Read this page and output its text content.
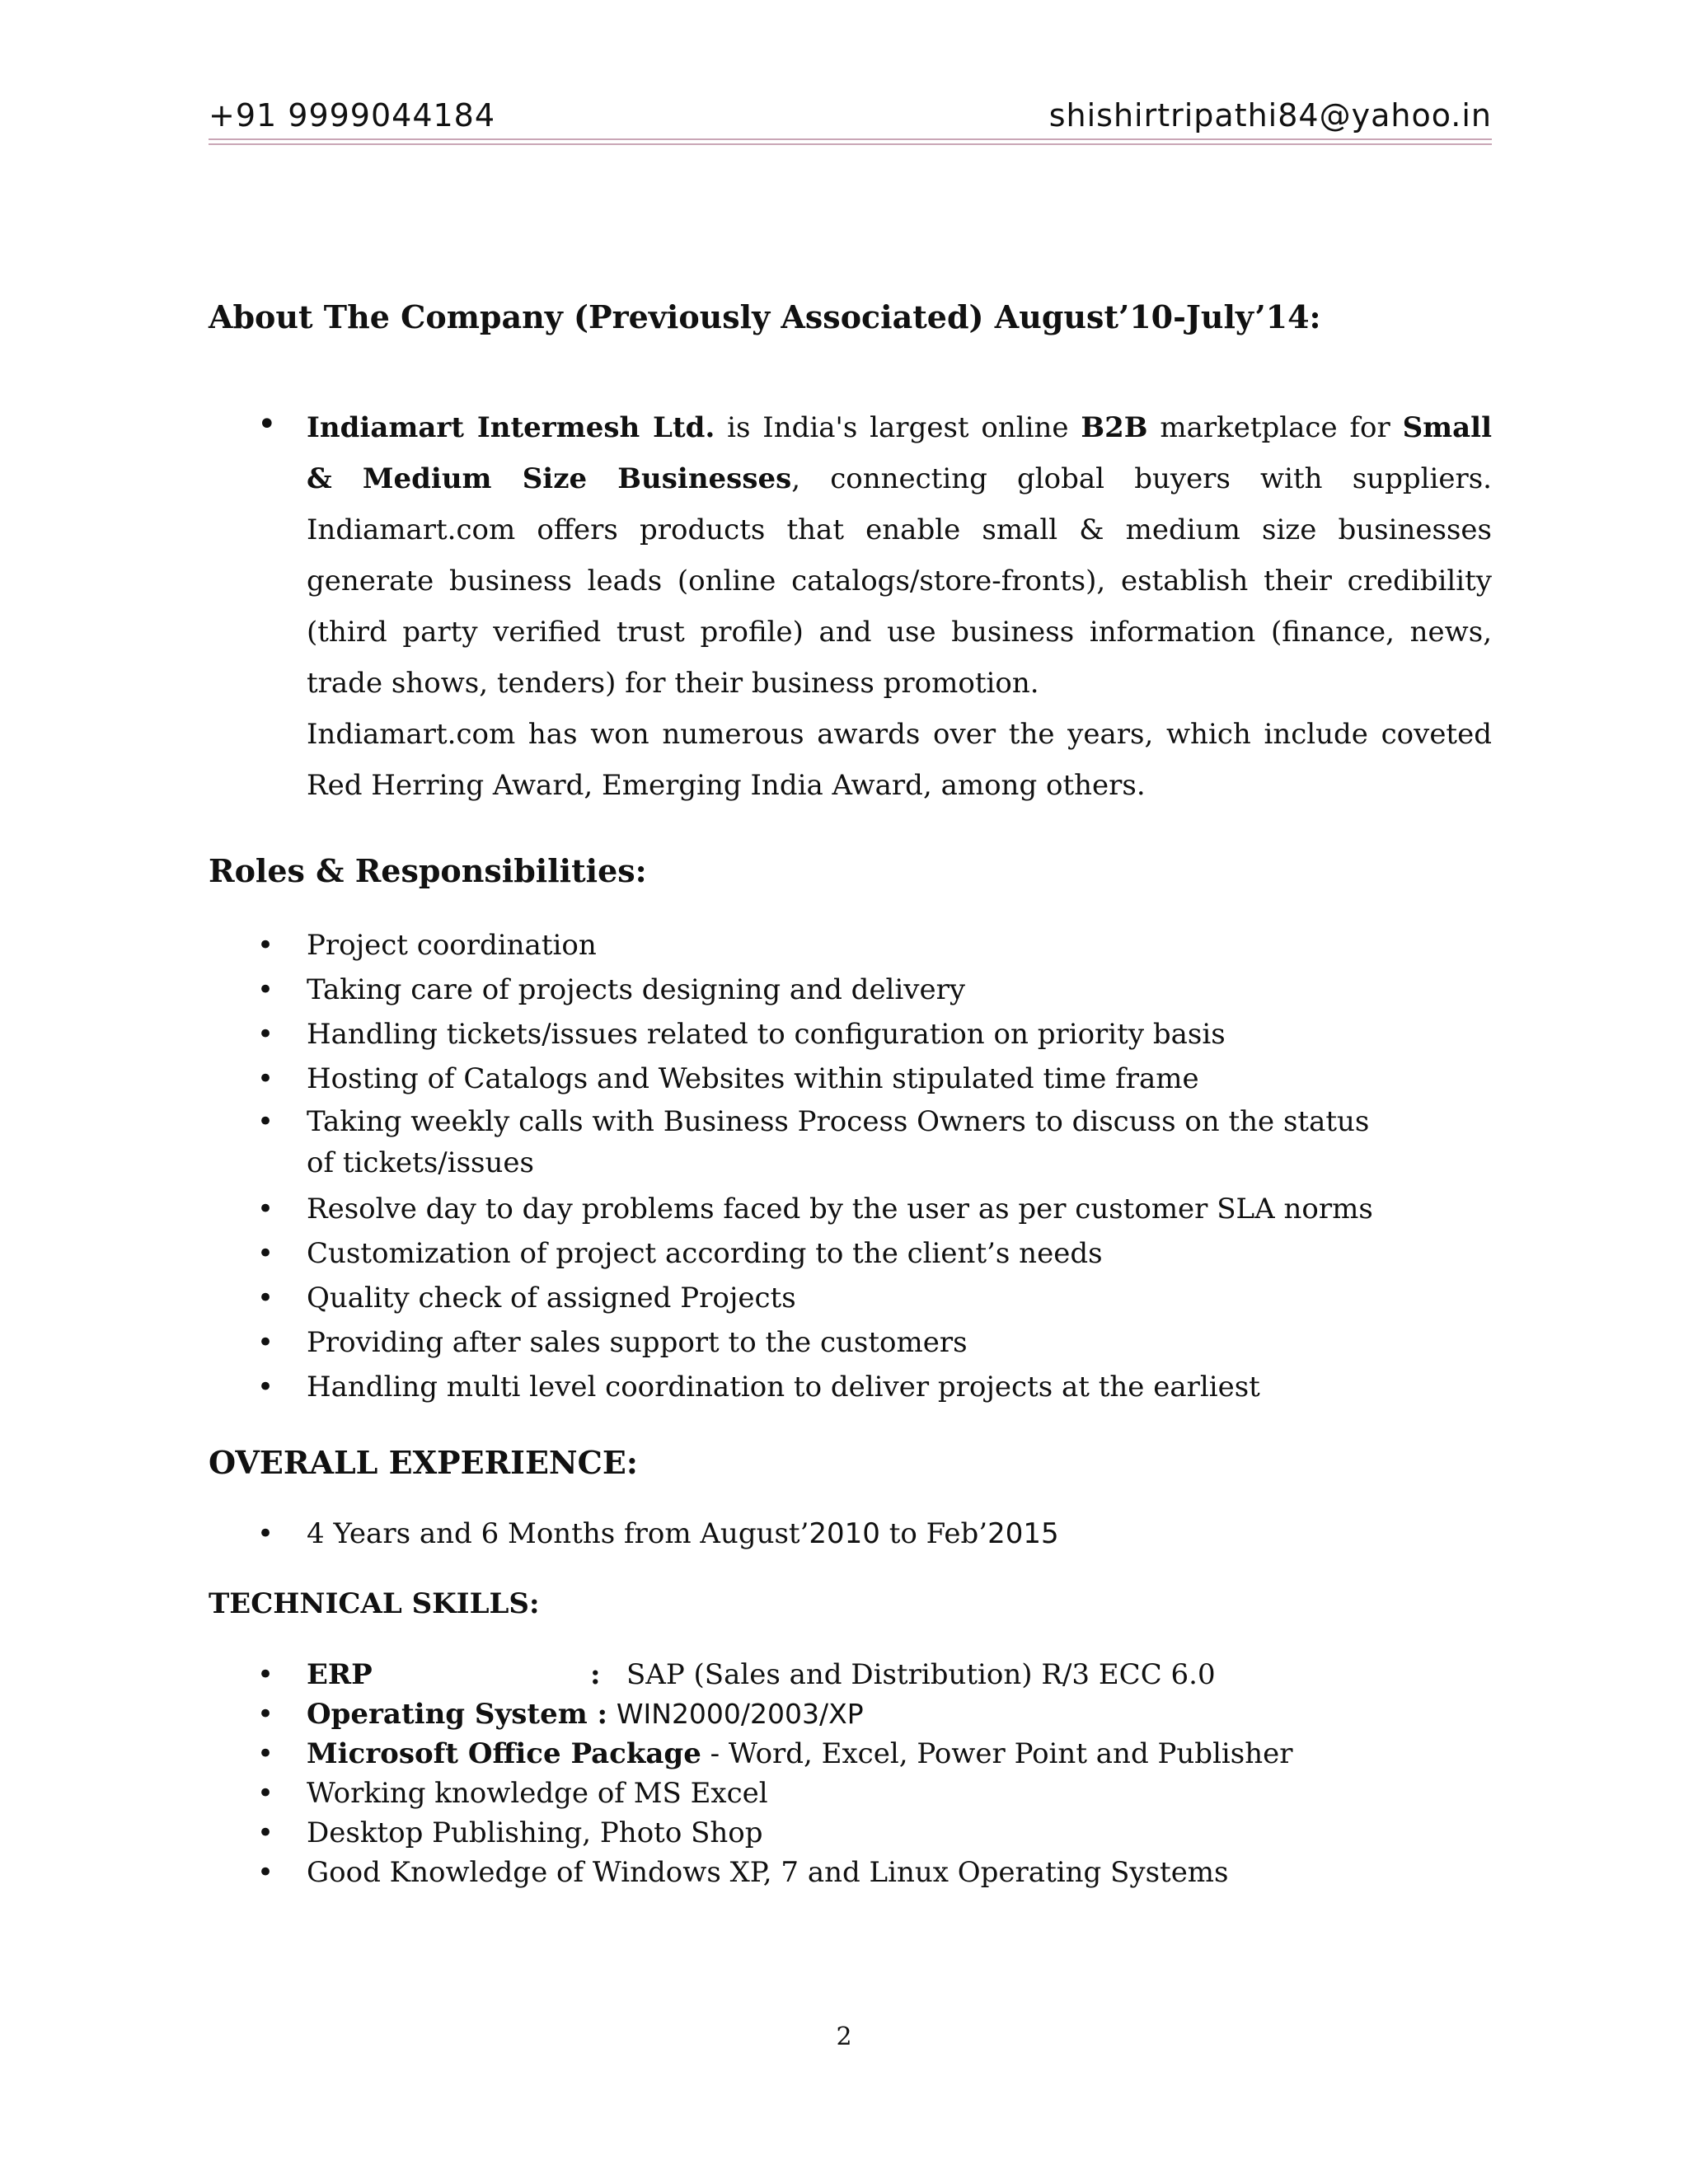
+91 9999044184	shishirtripathi84@yahoo.in
About The Company (Previously Associated) August’10-July’14:
• Indiamart Intermesh Ltd. is India's largest online B2B marketplace for Small & Medium Size Businesses, connecting global buyers with suppliers. Indiamart.com offers products that enable small & medium size businesses generate business leads (online catalogs/store-fronts), establish their credibility (third party verified trust profile) and use business information (finance, news, trade shows, tenders) for their business promotion.

Indiamart.com has won numerous awards over the years, which include coveted Red Herring Award, Emerging India Award, among others.

Roles & Responsibilities:
• Project coordination
• Taking care of projects designing and delivery
• Handling tickets/issues related to configuration on priority basis
• Hosting of Catalogs and Websites within stipulated time frame
• Taking weekly calls with Business Process Owners to discuss on the status of tickets/issues
• Resolve day to day problems faced by the user as per customer SLA norms
• Customization of project according to the client’s needs
• Quality check of assigned Projects
• Providing after sales support to the customers
• Handling multi level coordination to deliver projects at the earliest
OVERALL EXPERIENCE:
• 4 Years and 6 Months from August’2010 to Feb’2015
TECHNICAL SKILLS:
• ERP	: SAP (Sales and Distribution) R/3 ECC 6.0
• Operating System : WIN2000/2003/XP
• Microsoft Office Package - Word, Excel, Power Point and Publisher
• Working knowledge of MS Excel
• Desktop Publishing, Photo Shop
• Good Knowledge of Windows XP, 7 and Linux Operating Systems
2
